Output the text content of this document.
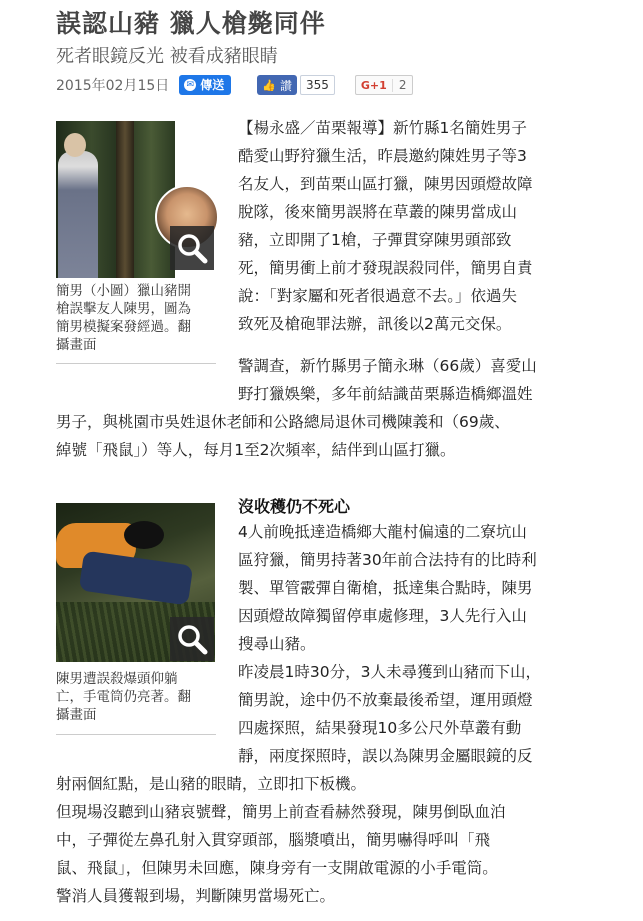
誤認山豬 獵人槍斃同伴
死者眼鏡反光 被看成豬眼睛
2015年02月15日 ✉ 傳送	👍 讚	355	G+1	2
簡男（小圖）獵山豬開
槍誤擊友人陳男，圖為
簡男模擬案發經過。翻
攝畫面
【楊永盛／苗栗報導】新竹縣1名簡姓男子
酷愛山野狩獵生活，昨晨邀約陳姓男子等3
名友人，到苗栗山區打獵，陳男因頭燈故障
脫隊，後來簡男誤將在草叢的陳男當成山
豬，立即開了1槍，子彈貫穿陳男頭部致
死，簡男衝上前才發現誤殺同伴，簡男自責
說：「對家屬和死者很過意不去。」依過失
致死及槍砲罪法辦，訊後以2萬元交保。
警調查，新竹縣男子簡永琳（66歲）喜愛山
野打獵娛樂，多年前結識苗栗縣造橋鄉溫姓
男子，與桃園市吳姓退休老師和公路總局退休司機陳義和（69歲、
綽號「飛鼠」）等人，每月1至2次頻率，結伴到山區打獵。
陳男遭誤殺爆頭仰躺
亡，手電筒仍亮著。翻
攝畫面
沒收穫仍不死心
4人前晚抵達造橋鄉大龍村偏遠的二寮坑山
區狩獵，簡男持著30年前合法持有的比時利
製、單管霰彈自衛槍，抵達集合點時，陳男
因頭燈故障獨留停車處修理，3人先行入山
搜尋山豬。
昨凌晨1時30分，3人未尋獲到山豬而下山，
簡男說，途中仍不放棄最後希望，運用頭燈
四處探照，結果發現10多公尺外草叢有動
靜，兩度探照時，誤以為陳男金屬眼鏡的反
射兩個紅點，是山豬的眼睛，立即扣下板機。
但現場沒聽到山豬哀號聲，簡男上前查看赫然發現，陳男倒臥血泊
中，子彈從左鼻孔射入貫穿頭部，腦漿噴出，簡男嚇得呼叫「飛
鼠、飛鼠」，但陳男未回應，陳身旁有一支開啟電源的小手電筒。
警消人員獲報到場，判斷陳男當場死亡。
